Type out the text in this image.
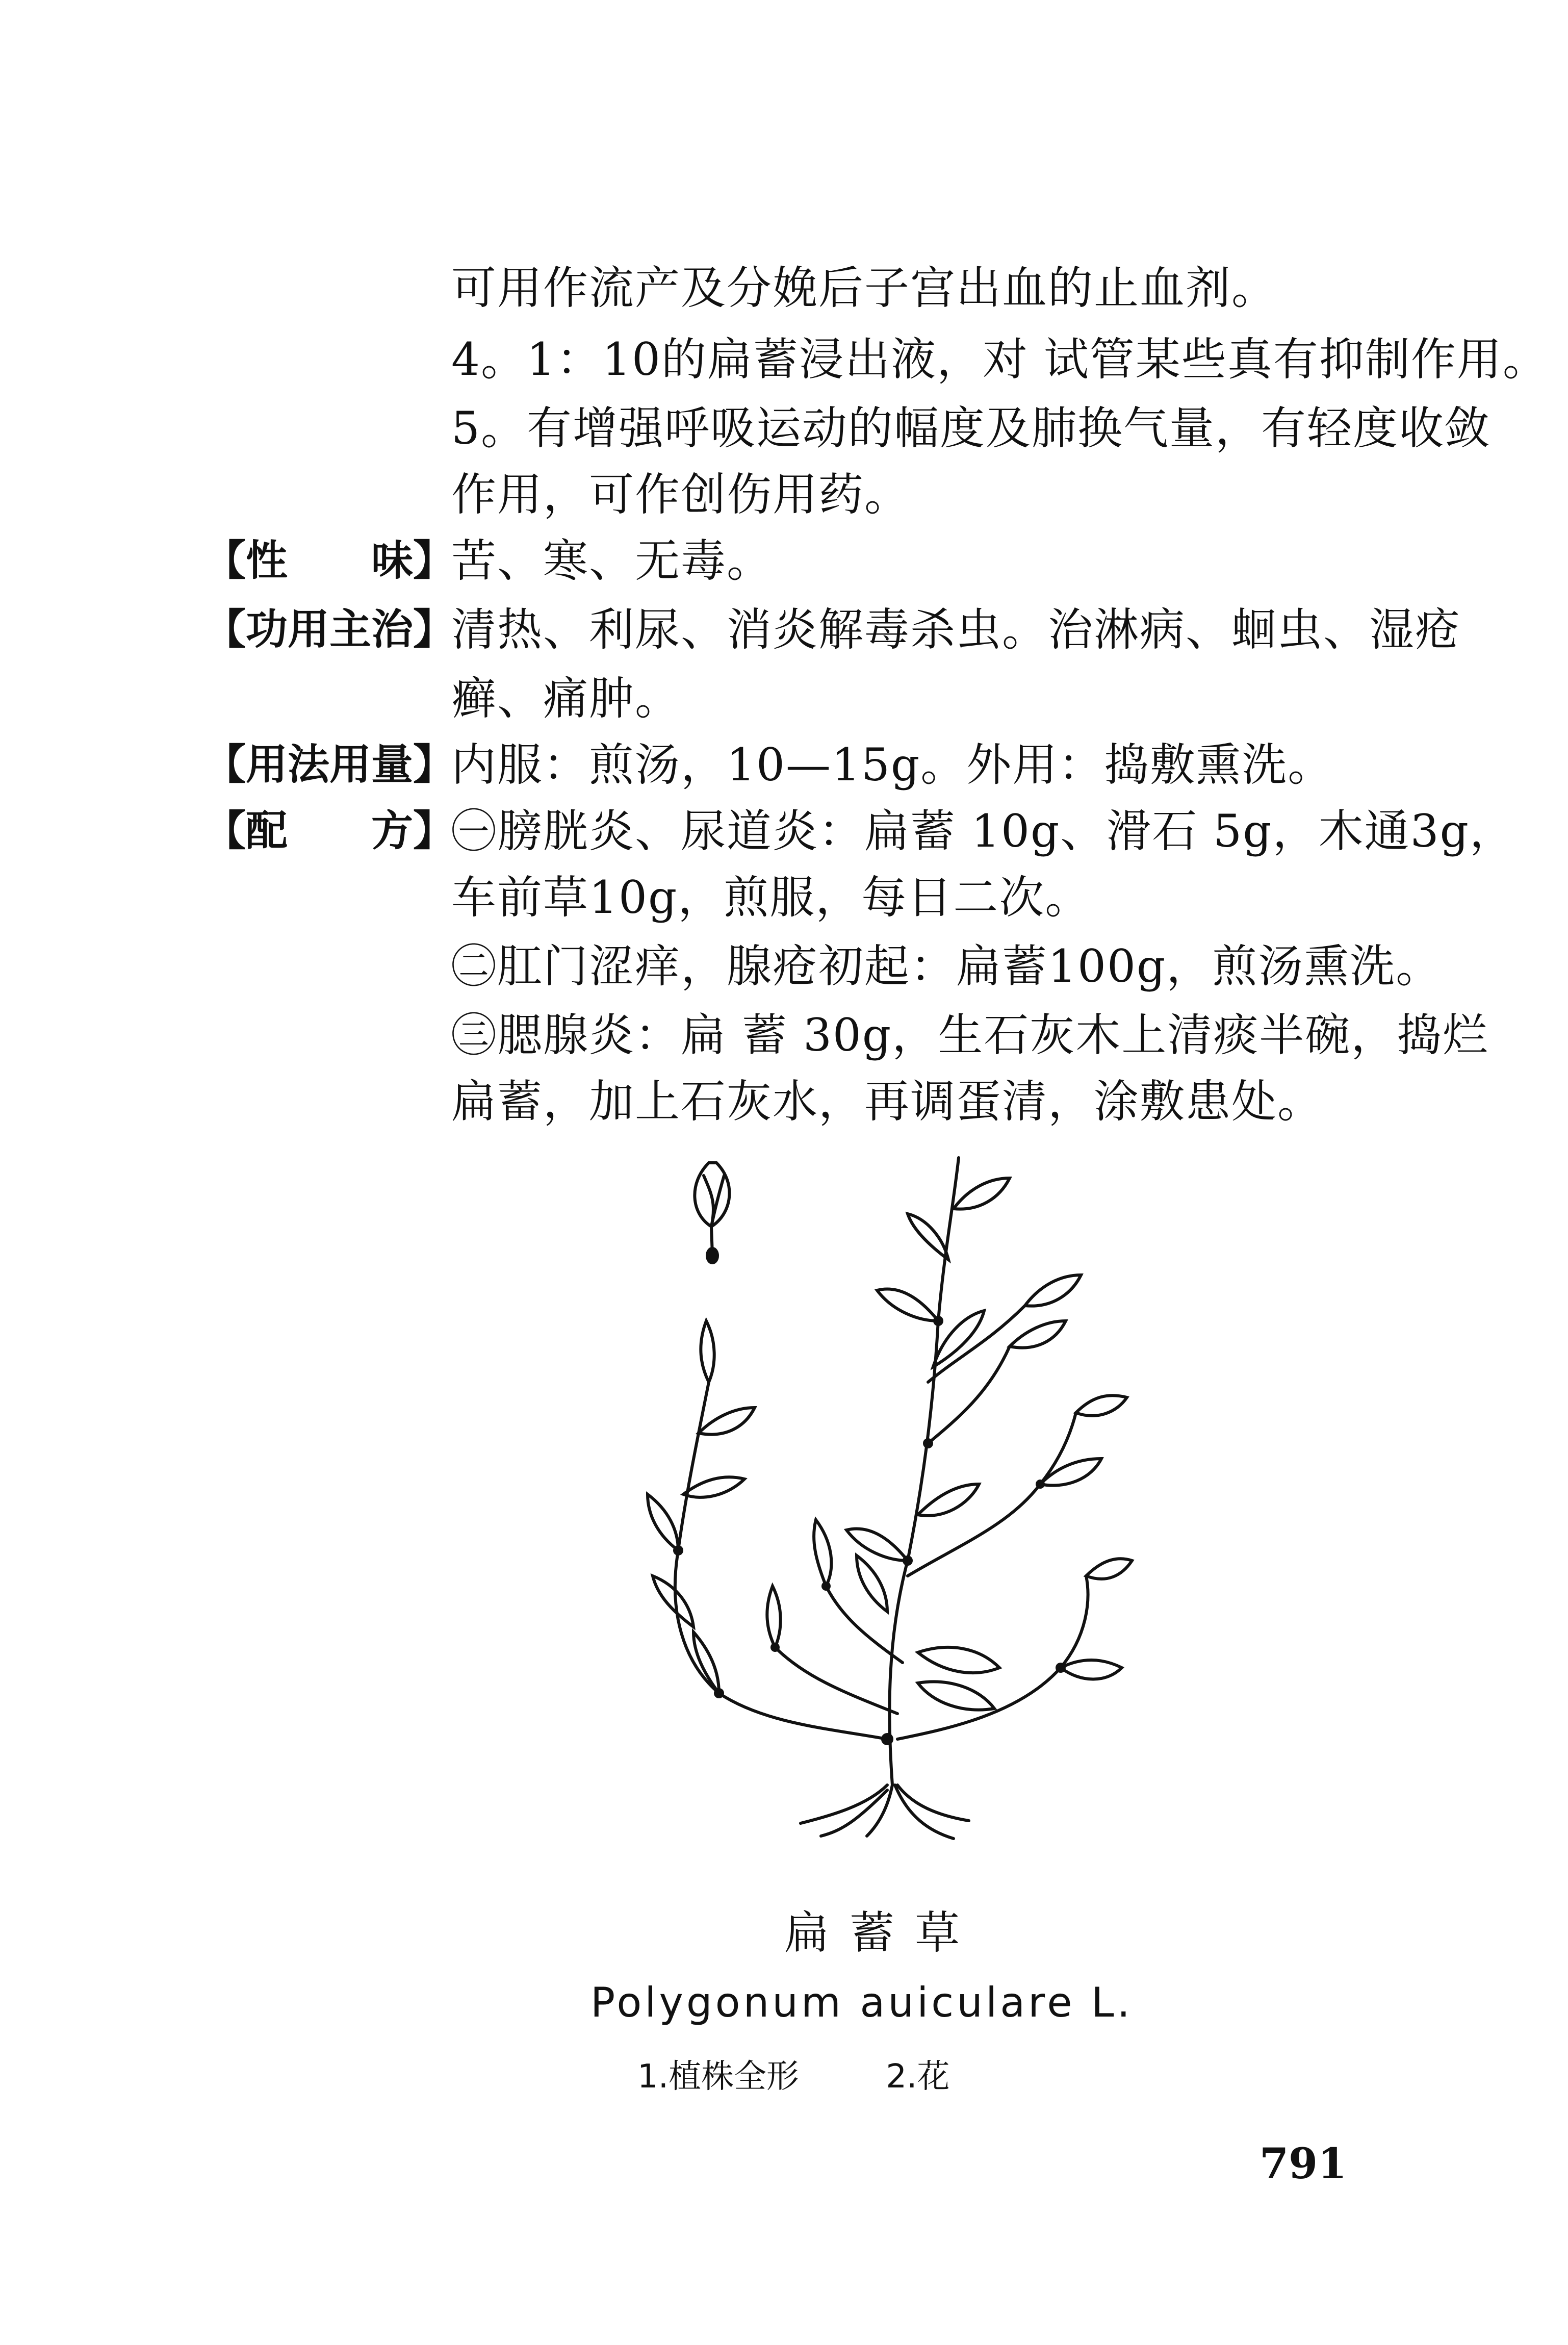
可用作流产及分娩后子宫出血的止血剂。
4。1：10的扁蓄浸出液，对 试管某些真有抑制作用。
5。有增强呼吸运动的幅度及肺换气量，有轻度收敛
作用，可作创伤用药。
【性　　味】
苦、寒、无毒。
【功用主治】
清热、利尿、消炎解毒杀虫。治淋病、蛔虫、湿疮
癣、痛肿。
【用法用量】
内服：煎汤，10—15g。外用：捣敷熏洗。
【配　　方】
㊀膀胱炎、尿道炎：扁蓄 10g、滑石 5g，木通3g，
车前草10g，煎服，每日二次。
㊁肛门涩痒，腺疮初起：扁蓄100g，煎汤熏洗。
㊂腮腺炎：扁 蓄 30g，生石灰木上清痰半碗，捣烂
扁蓄，加上石灰水，再调蛋清，涂敷患处。
扁蓄草
Polygonum auiculare L.
1.植株全形	2.花
791
